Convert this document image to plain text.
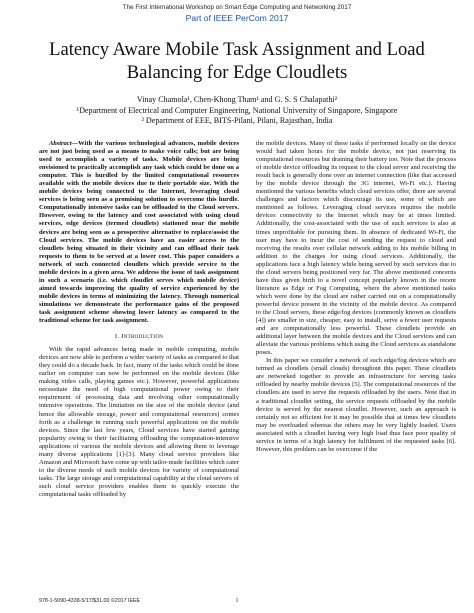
The First International Workshop on Smart Edge Computing and Networking 2017
Part of IEEE PerCom 2017
Latency Aware Mobile Task Assignment and Load Balancing for Edge Cloudlets
Vinay Chamola¹, Chen-Khong Tham¹ and G. S. S Chalapathi²
¹Department of Electrical and Computer Engineering, National University of Singapore, Singapore
² Department of EEE, BITS-Pilani, Pilani, Rajasthan, India

Abstract—With the various technological advances, mobile devices are not just being used as a means to make voice calls; but are being used to accomplish a variety of tasks. Mobile devices are being envisioned to practically accomplish any task which could be done on a computer. This is hurdled by the limited computational resources available with the mobile devices due to their portable size. With the mobile devices being connected to the Internet, leveraging cloud services is being seen as a promising solution to overcome this hurdle. Computationally intensive tasks can be offloaded to the Cloud servers. However, owing to the latency and cost associated with using cloud services, edge devices (termed cloudlets) stationed near the mobile devices are being seen as a prospective alternative to replace/assist the Cloud services. The mobile devices have an easier access to the cloudlets being situated in their vicinity and can offload their task requests to them to be served at a lower cost. This paper considers a network of such connected cloudlets which provide service to the mobile devices in a given area. We address the issue of task assignment in such a scenario (i.e. which cloudlet serves which mobile device) aimed towards improving the quality of service experienced by the mobile devices in terms of minimizing the latency. Through numerical simulations we demonstrate the performance gains of the proposed task assignment scheme showing lower latency as compared to the traditional scheme for task assignment.

I. Introduction

With the rapid advances being made in mobile computing, mobile devices are now able to perform a wider variety of tasks as compared to that they could do a decade back. In fact, many of the tasks which could be done earlier on computer can now be performed on the mobile devices (like making video calls, playing games etc.). However, powerful applications necessitate the need of high computational power owing to their requirement of processing data and involving other computationally intensive operations. The limitation on the size of the mobile device (and hence the allowable storage, power and computational resources) comes forth as a challenge in running such powerful applications on the mobile devices. Since the last few years, Cloud services have started gaining popularity owing to their facilitating offloading the computation-intensive applications of various the mobile devices and allowing them to leverage many diverse applications [1]-[3]. Many cloud service providers like Amazon and Microsoft have come up with tailor-made facilities which cater to the diverse needs of such mobile devices for variety of computational tasks. The large storage and computational capability at the cloud servers of such cloud service providers enables them to quickly execute the computational tasks offloaded by

the mobile devices. Many of these tasks if performed locally on the device would had taken hours for the mobile device, not just reserving its computational resources but draining their battery too. Note that the process of mobile device offloading its request to the cloud server and receiving the result back is generally done over an internet connection (like that accessed by the mobile device through the 3G internet, Wi-Fi etc.). Having mentioned the various benefits which cloud services offer, there are several challenges and factors which discourage its use, some of which are mentioned as follows. Leveraging cloud services requires the mobile devices connectivity to the Internet which may be at times limited. Additionally, the cost-associated with the use of such services is also at times unprofitable for pursuing them. In absence of dedicated Wi-Fi, the user may have to incur the cost of sending the request to cloud and receiving the results over cellular network adding to his mobile billing in addition to the charges for using cloud services. Additionally, the applications face a high latency while being served by such services due to the cloud servers being positioned very far. The above mentioned concerns have thus given birth to a novel concept popularly known in the recent literature as Edge or Fog Computing, where the above mentioned tasks which were done by the cloud are rather carried out on a computationally powerful device present in the vicinity of the mobile device. As compared to the Cloud servers, these edge/fog devices (commonly known as cloudlets [4]) are smaller in size, cheaper, easy to install, serve a fewer user requests and are computationally less powerful. These cloudlets provide an additional layer between the mobile devices and the Cloud services and can alleviate the various problems which using the Cloud services as standalone poses.

In this paper we consider a network of such edge/fog devices which are termed as cloudlets (small clouds) throughout this paper. These cloudlets are networked together to provide an infrastructure for serving tasks offloaded by nearby mobile devices [5]. The computational resources of the cloudlets are used to serve the requests offloaded by the users. Note that in a traditional cloudlet setting, the service requests offloaded by the mobile device is served by the nearest cloudlet. However, such an approach is certainly not so efficient for it may be possible that at times few cloudlets may be overloaded whereas the others may be very lightly loaded. Users associated with a cloudlet having very high load thus face poor quality of service in terms of a high latency for fulfilment of the requested tasks [6]. However, this problem can be overcome if the

978-1-5090-4338-5/17/$31.00 ©2017 IEEE	1
